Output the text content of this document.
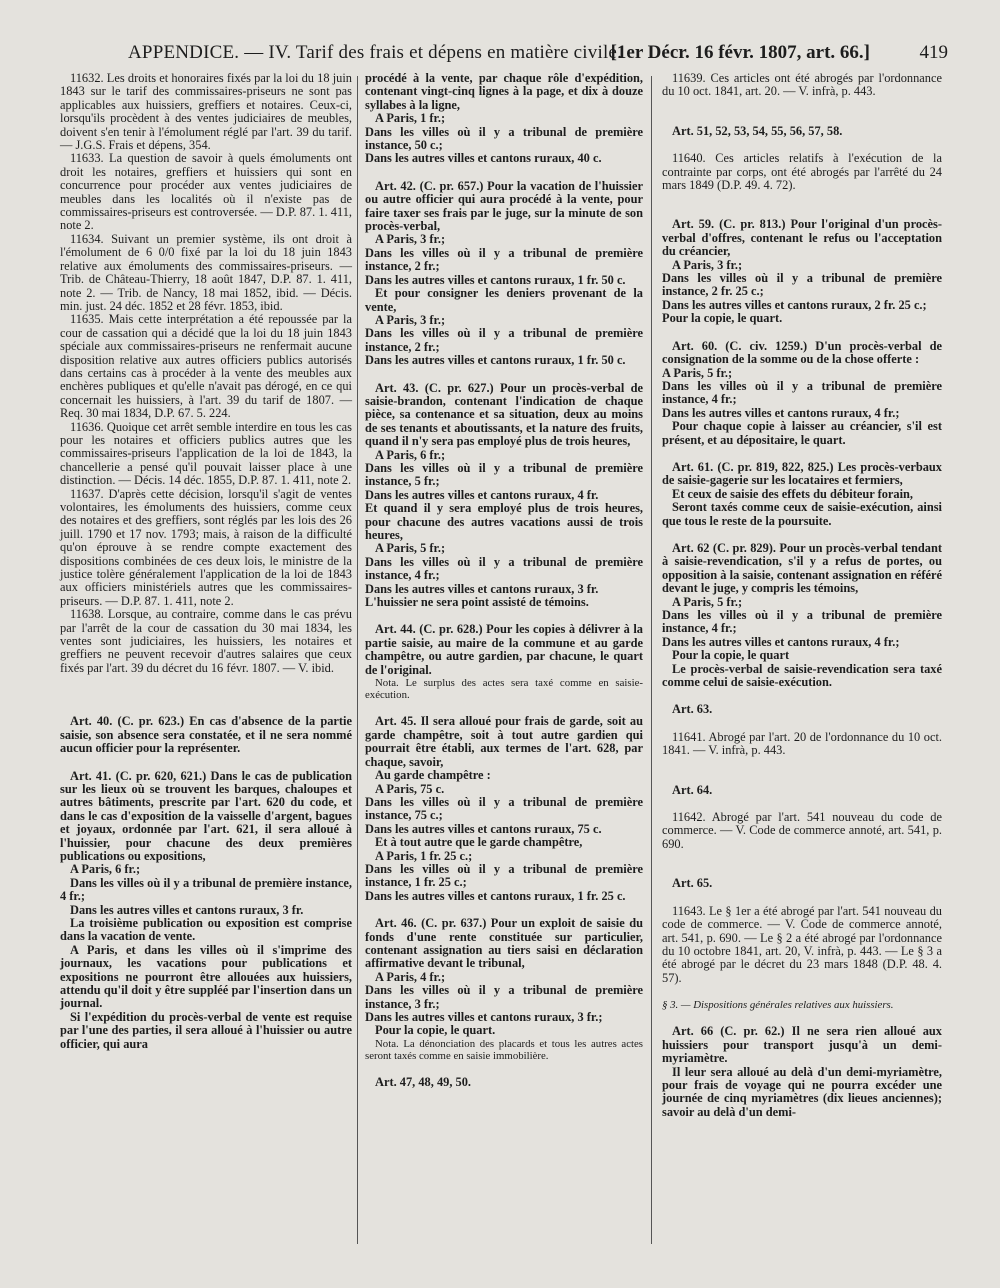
APPENDICE. — IV. Tarif des frais et dépens en matière civile.
[1er Décr. 16 févr. 1807, art. 66.]	419

11632. Les droits et honoraires fixés par la loi du 18 juin 1843 sur le tarif des commissaires-priseurs ne sont pas applicables aux huissiers, greffiers et notaires. Ceux-ci, lorsqu'ils procèdent à des ventes judiciaires de meubles, doivent s'en tenir à l'émolument réglé par l'art. 39 du tarif. — J.G.S. Frais et dépens, 354.

11633. La question de savoir à quels émoluments ont droit les notaires, greffiers et huissiers qui sont en concurrence pour procéder aux ventes judiciaires de meubles dans les localités où il n'existe pas de commissaires-priseurs est controversée. — D.P. 87. 1. 411, note 2.

11634. Suivant un premier système, ils ont droit à l'émolument de 6 0/0 fixé par la loi du 18 juin 1843 relative aux émoluments des commissaires-priseurs. — Trib. de Château-Thierry, 18 août 1847, D.P. 87. 1. 411, note 2. — Trib. de Nancy, 18 mai 1852, ibid. — Décis. min. just. 24 déc. 1852 et 28 févr. 1853, ibid.

11635. Mais cette interprétation a été repoussée par la cour de cassation qui a décidé que la loi du 18 juin 1843 spéciale aux commissaires-priseurs ne renfermait aucune disposition relative aux autres officiers publics autorisés dans certains cas à procéder à la vente des meubles aux enchères publiques et qu'elle n'avait pas dérogé, en ce qui concernait les huissiers, à l'art. 39 du tarif de 1807. — Req. 30 mai 1834, D.P. 67. 5. 224.

11636. Quoique cet arrêt semble interdire en tous les cas pour les notaires et officiers publics autres que les commissaires-priseurs l'application de la loi de 1843, la chancellerie a pensé qu'il pouvait laisser place à une distinction. — Décis. 14 déc. 1855, D.P. 87. 1. 411, note 2.

11637. D'après cette décision, lorsqu'il s'agit de ventes volontaires, les émoluments des huissiers, comme ceux des notaires et des greffiers, sont réglés par les lois des 26 juill. 1790 et 17 nov. 1793; mais, à raison de la difficulté qu'on éprouve à se rendre compte exactement des dispositions combinées de ces deux lois, le ministre de la justice tolère généralement l'application de la loi de 1843 aux officiers ministériels autres que les commissaires-priseurs. — D.P. 87. 1. 411, note 2.

11638. Lorsque, au contraire, comme dans le cas prévu par l'arrêt de la cour de cassation du 30 mai 1834, les ventes sont judiciaires, les huissiers, les notaires et greffiers ne peuvent recevoir d'autres salaires que ceux fixés par l'art. 39 du décret du 16 févr. 1807. — V. ibid.

Art. 40. (C. pr. 623.) En cas d'absence de la partie saisie, son absence sera constatée, et il ne sera nommé aucun officier pour la représenter.

Art. 41. (C. pr. 620, 621.) Dans le cas de publication sur les lieux où se trouvent les barques, chaloupes et autres bâtiments, prescrite par l'art. 620 du code, et dans le cas d'exposition de la vaisselle d'argent, bagues et joyaux, ordonnée par l'art. 621, il sera alloué à l'huissier, pour chacune des deux premières publications ou expositions,

A Paris, 6 fr.;

Dans les villes où il y a tribunal de première instance, 4 fr.;

Dans les autres villes et cantons ruraux, 3 fr.

La troisième publication ou exposition est comprise dans la vacation de vente.

A Paris, et dans les villes où il s'imprime des journaux, les vacations pour publications et expositions ne pourront être allouées aux huissiers, attendu qu'il doit y être suppléé par l'insertion dans un journal.

Si l'expédition du procès-verbal de vente est requise par l'une des parties, il sera alloué à l'huissier ou autre officier, qui aura

procédé à la vente, par chaque rôle d'expédition, contenant vingt-cinq lignes à la page, et dix à douze syllabes à la ligne,

A Paris, 1 fr.;

Dans les villes où il y a tribunal de première instance, 50 c.;

Dans les autres villes et cantons ruraux, 40 c.

Art. 42. (C. pr. 657.) Pour la vacation de l'huissier ou autre officier qui aura procédé à la vente, pour faire taxer ses frais par le juge, sur la minute de son procès-verbal,

A Paris, 3 fr.;

Dans les villes où il y a tribunal de première instance, 2 fr.;

Dans les autres villes et cantons ruraux, 1 fr. 50 c.

Et pour consigner les deniers provenant de la vente,

A Paris, 3 fr.;

Dans les villes où il y a tribunal de première instance, 2 fr.;

Dans les autres villes et cantons ruraux, 1 fr. 50 c.

Art. 43. (C. pr. 627.) Pour un procès-verbal de saisie-brandon, contenant l'indication de chaque pièce, sa contenance et sa situation, deux au moins de ses tenants et aboutissants, et la nature des fruits, quand il n'y sera pas employé plus de trois heures,

A Paris, 6 fr.;

Dans les villes où il y a tribunal de première instance, 5 fr.;

Dans les autres villes et cantons ruraux, 4 fr.

Et quand il y sera employé plus de trois heures, pour chacune des autres vacations aussi de trois heures,

A Paris, 5 fr.;

Dans les villes où il y a tribunal de première instance, 4 fr.;

Dans les autres villes et cantons ruraux, 3 fr.

L'huissier ne sera point assisté de témoins.

Art. 44. (C. pr. 628.) Pour les copies à délivrer à la partie saisie, au maire de la commune et au garde champêtre, ou autre gardien, par chacune, le quart de l'original.

Nota. Le surplus des actes sera taxé comme en saisie-exécution.

Art. 45. Il sera alloué pour frais de garde, soit au garde champêtre, soit à tout autre gardien qui pourrait être établi, aux termes de l'art. 628, par chaque, savoir,

Au garde champêtre :

A Paris, 75 c.

Dans les villes où il y a tribunal de première instance, 75 c.;

Dans les autres villes et cantons ruraux, 75 c.

Et à tout autre que le garde champêtre,

A Paris, 1 fr. 25 c.;

Dans les villes où il y a tribunal de première instance, 1 fr. 25 c.;

Dans les autres villes et cantons ruraux, 1 fr. 25 c.

Art. 46. (C. pr. 637.) Pour un exploit de saisie du fonds d'une rente constituée sur particulier, contenant assignation au tiers saisi en déclaration affirmative devant le tribunal,

A Paris, 4 fr.;

Dans les villes où il y a tribunal de première instance, 3 fr.;

Dans les autres villes et cantons ruraux, 3 fr.;

Pour la copie, le quart.

Nota. La dénonciation des placards et tous les autres actes seront taxés comme en saisie immobilière.

Art. 47, 48, 49, 50.

11639. Ces articles ont été abrogés par l'ordonnance du 10 oct. 1841, art. 20. — V. infrà, p. 443.

Art. 51, 52, 53, 54, 55, 56, 57, 58.

11640. Ces articles relatifs à l'exécution de la contrainte par corps, ont été abrogés par l'arrêté du 24 mars 1849 (D.P. 49. 4. 72).

Art. 59. (C. pr. 813.) Pour l'original d'un procès-verbal d'offres, contenant le refus ou l'acceptation du créancier,

A Paris, 3 fr.;

Dans les villes où il y a tribunal de première instance, 2 fr. 25 c.;

Dans les autres villes et cantons ruraux, 2 fr. 25 c.;

Pour la copie, le quart.

Art. 60. (C. civ. 1259.) D'un procès-verbal de consignation de la somme ou de la chose offerte :

A Paris, 5 fr.;

Dans les villes où il y a tribunal de première instance, 4 fr.;

Dans les autres villes et cantons ruraux, 4 fr.;

Pour chaque copie à laisser au créancier, s'il est présent, et au dépositaire, le quart.

Art. 61. (C. pr. 819, 822, 825.) Les procès-verbaux de saisie-gagerie sur les locataires et fermiers,

Et ceux de saisie des effets du débiteur forain,

Seront taxés comme ceux de saisie-exécution, ainsi que tous le reste de la poursuite.

Art. 62 (C. pr. 829). Pour un procès-verbal tendant à saisie-revendication, s'il y a refus de portes, ou opposition à la saisie, contenant assignation en référé devant le juge, y compris les témoins,

A Paris, 5 fr.;

Dans les villes où il y a tribunal de première instance, 4 fr.;

Dans les autres villes et cantons ruraux, 4 fr.;

Pour la copie, le quart

Le procès-verbal de saisie-revendication sera taxé comme celui de saisie-exécution.

Art. 63.

11641. Abrogé par l'art. 20 de l'ordonnance du 10 oct. 1841. — V. infrà, p. 443.

Art. 64.

11642. Abrogé par l'art. 541 nouveau du code de commerce. — V. Code de commerce annoté, art. 541, p. 690.

Art. 65.

11643. Le § 1er a été abrogé par l'art. 541 nouveau du code de commerce. — V. Code de commerce annoté, art. 541, p. 690. — Le § 2 a été abrogé par l'ordonnance du 10 octobre 1841, art. 20, V. infrà, p. 443. — Le § 3 a été abrogé par le décret du 23 mars 1848 (D.P. 48. 4. 57).

§ 3. — Dispositions générales relatives aux huissiers.

Art. 66 (C. pr. 62.) Il ne sera rien alloué aux huissiers pour transport jusqu'à un demi-myriamètre.

Il leur sera alloué au delà d'un demi-myriamètre, pour frais de voyage qui ne pourra excéder une journée de cinq myriamètres (dix lieues anciennes); savoir au delà d'un demi-
